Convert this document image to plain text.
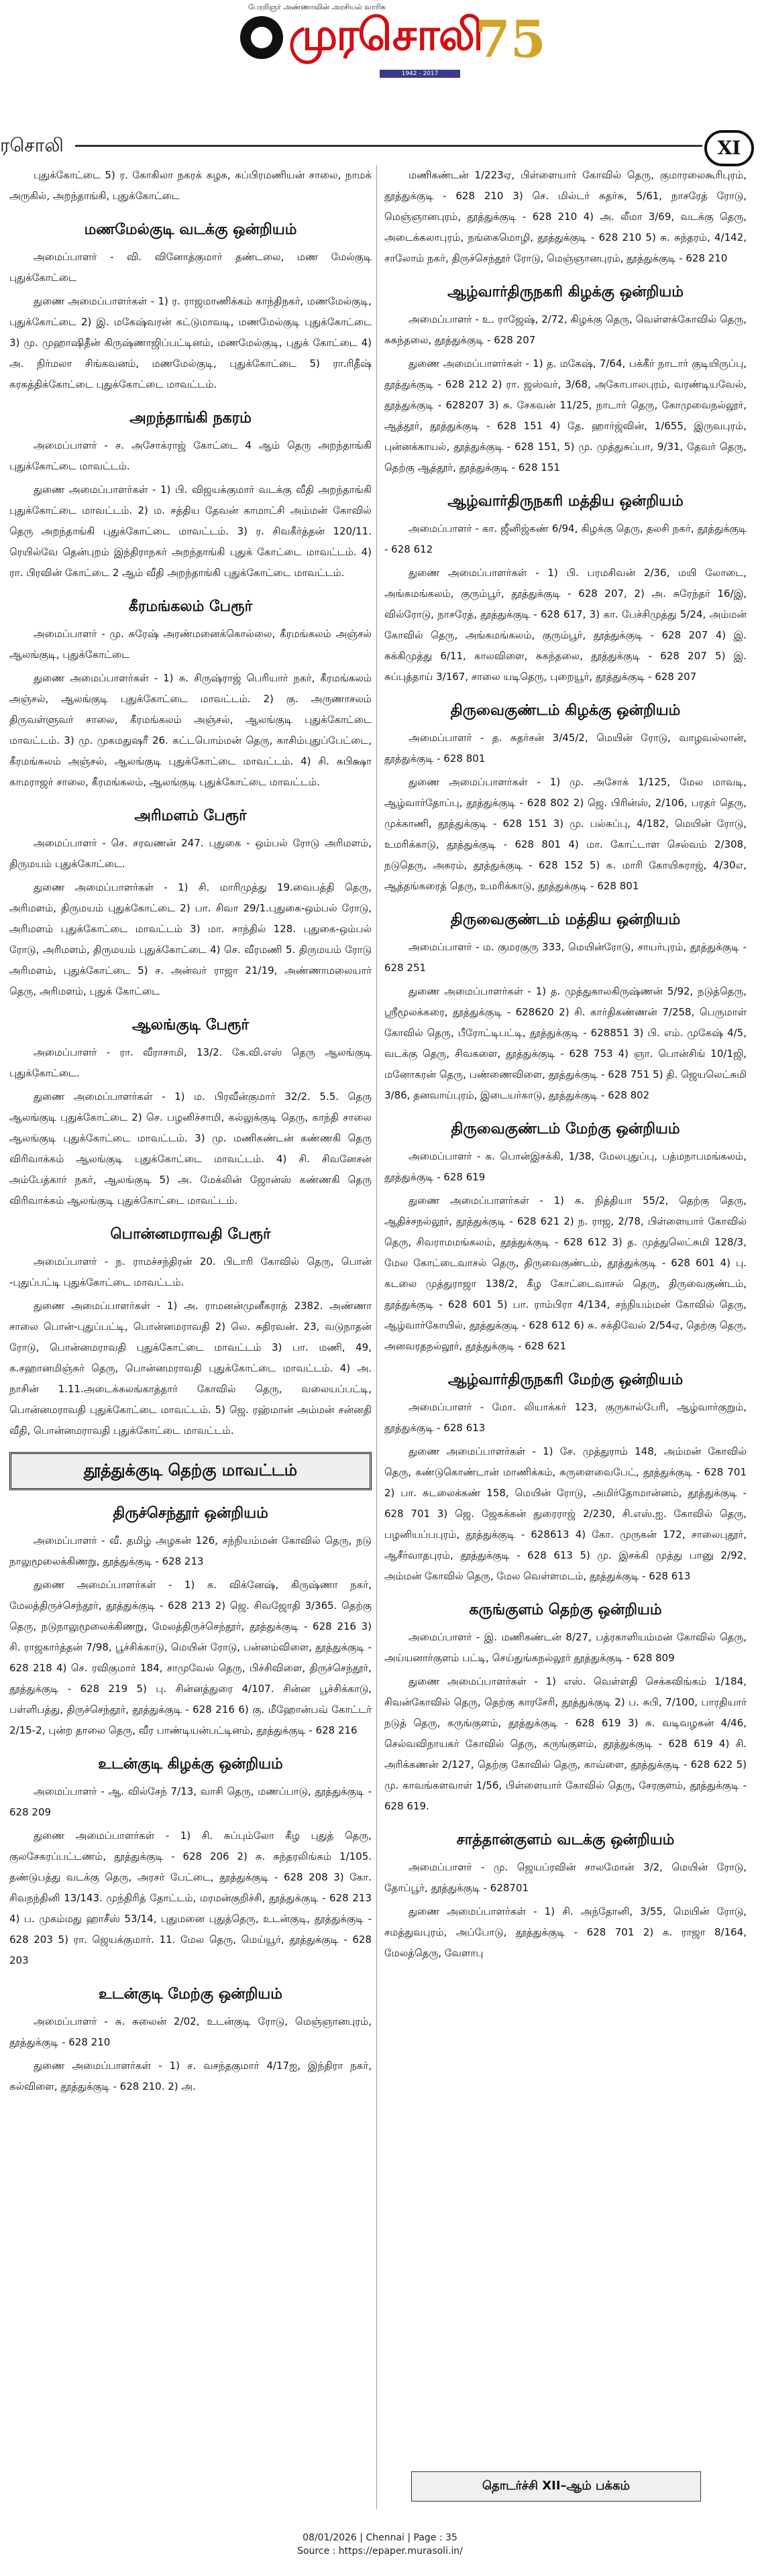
பேரறிஞர் அண்ணாவின் அரசியல் வாரிசு
முரசொலி
75
1942 - 2017
ரசொலி	XI
புதுக்கோட்டை 5) ர. கோகிலா நகரக் கழக, சுப்பிரமணியன் சாலை, நாமக் அருகில், அறந்தாங்கி, புதுக்கோட்டை
மணமேல்குடி வடக்கு ஒன்றியம்
அமைப்பாளர் - வி. வினோத்குமார் தண்டலை, மண மேல்குடி புதுக்கோட்டை
துணை அமைப்பாளர்கள் - 1) ர. ராஜமாணிக்கம் காந்திநகர், மணமேல்குடி, புதுக்கோட்டை 2) இ. மகேஷ்வரன் கட்டுமாவடி, மணமேல்குடி புதுக்கோட்டை 3) மு. முஹாஷிதீன் கிருஷ்ணாஜிப்பட்டினம், மணமேல்குடி, புதுக் கோட்டை 4) அ. நிர்மலா சிங்கவனம், மணமேல்குடி, புதுக்கோட்டை 5) ரா.ரிதீஷ் கரகத்திக்கோட்டை புதுக்கோட்டை மாவட்டம்.
அறந்தாங்கி நகரம்
அமைப்பாளர் - ச. அசோக்ராஜ் கோட்டை 4 ஆம் தெரு அறந்தாங்கி புதுக்கோட்டை மாவட்டம்.
துணை அமைப்பாளர்கள் - 1) பி. விஜயக்குமார் வடக்கு வீதி அறந்தாங்கி புதுக்கோட்டை மாவட்டம். 2) ம. சத்திய தேவன் காமாட்சி அம்மன் கோவில் தெரு அறந்தாங்கி புதுக்கோட்டை மாவட்டம். 3) ர. சிவகீர்த்தன் 120/11. ரெயில்வே தென்புறம் இந்திராநகர் அறந்தாங்கி புதுக் கோட்டை மாவட்டம். 4) ரா. பிரவின் கோட்டை 2 ஆம் வீதி அறந்தாங்கி புதுக்கோட்டை மாவட்டம்.
கீரமங்கலம் பேரூர்
அமைப்பாளர் - மு. சுரேஷ் அரண்மனைக்கொல்லை, கீரமங்கலம் அஞ்சல் ஆலங்குடி, புதுக்கோட்டை
துணை அமைப்பாளர்கள் - 1) சு. சிருஷ்ராஜ் பெரியார் நகர், கீரமங்கலம் அஞ்சல், ஆலங்குடி புதுக்கோட்டை மாவட்டம். 2) கு. அருணாசலம் திருவள்ளுவர் சாலை, கீரமங்கலம் அஞ்சல், ஆலங்குடி புதுக்கோட்டை மாவட்டம். 3) மு. முகமதுஷரீ 26. கட்டபொம்மன் தெரு, காசிம்புதுப்பேட்டை, கீரமங்கலம் அஞ்சல், ஆலங்குடி புதுக்கோட்டை மாவட்டம். 4) சி. சுபிக்ஷா காமராஜர் சாலை, கீரமங்கலம், ஆலங்குடி புதுக்கோட்டை மாவட்டம்.
அரிமளம் பேரூர்
அமைப்பாளர் - செ. சரவணன் 247. புதுகை - ஒம்பல் ரோடு அரிமளம், திருமயம் புதுக்கோட்டை.
துணை அமைப்பாளர்கள் - 1) சி. மாரிமுத்து 19.வைபத்தி தெரு, அரிமளம், திருமயம் புதுக்கோட்டை 2) பா. சிவா 29/1.புதுகை-ஒம்பல் ரோடு, அரிமளம் புதுக்கோட்டை மாவட்டம் 3) மா. சாந்தில் 128. புதுகை-ஒம்பல் ரோடு, அரிமளம், திருமயம் புதுக்கோட்டை 4) செ. வீரமணி 5. திருமயம் ரோடு அரிமளம், புதுக்கோட்டை 5) ச. அன்வர் ராஜா 21/19, அண்ணாமலையார் தெரு, அரிமளம், புதுக் கோட்டை
ஆலங்குடி பேரூர்
அமைப்பாளர் - ரா. வீராசாமி, 13/2. கே.வி.எஸ் தெரு ஆலங்குடி புதுக்கோட்டை.
துணை அமைப்பாளர்கள் - 1) ம. பிரவீன்குமார் 32/2. 5.5. தெரு ஆலங்குடி புதுக்கோட்டை 2) செ. பழனிச்சாமி, கல்லுக்குடி தெரு, காந்தி சாலை ஆலங்குடி புதுக்கோட்டை மாவட்டம். 3) மு. மணிகண்டன் கண்ணகி தெரு விரிவாக்கம் ஆலங்குடி புதுக்கோட்டை மாவட்டம். 4) சி. சிவனேசன் அம்பேத்கார் நகர், ஆலங்குடி 5) அ. மேக்லின் ஜோன்ஸ் கண்ணகி தெரு விரிவாக்கம் ஆலங்குடி புதுக்கோட்டை மாவட்டம்.
பொன்னமராவதி பேரூர்
அமைப்பாளர் - ந. ராமச்சந்திரன் 20. பிடாரி கோவில் தெரு, பொன் -புதுப்பட்டி புதுக்கோட்டை மாவட்டம்.
துணை அமைப்பாளர்கள் - 1) அ. ராமனன்முனீகராத் 2382. அண்ணா சாலை பொன்-புதுப்பட்டி, பொன்னமராவதி 2) லெ. சுதிரவன். 23, வடுநாதன் ரோடு, பொன்னமராவதி புதுக்கோட்டை மாவட்டம் 3) பா. மணி, 49, க.சஹானமிஞ்சுர் தெரு, பொன்னமராவதி புதுக்கோட்டை மாவட்டம். 4) அ. நாசின் 1.11.அடைக்கலங்காத்தார் கோவில் தெரு, வலையப்பட்டி, பொன்னமராவதி புதுக்கோட்டை மாவட்டம். 5) ஜெ. ரஹ்மான் அம்மன் சன்னதி வீதி, பொன்னமராவதி புதுக்கோட்டை மாவட்டம்.
தூத்துக்குடி தெற்கு மாவட்டம்
திருச்செந்தூர் ஒன்றியம்
அமைப்பாளர் - வீ. தமிழ் அழகன் 126, சந்நியம்மன் கோவில் தெரு, நடு நாலுமூலைக்கிணறு, தூத்துக்குடி - 628 213
துணை அமைப்பாளர்கள் - 1) க. விக்னேஷ், கிருஷ்ணா நகர், மேலத்திருச்செந்தூர், தூத்துக்குடி - 628 213 2) ஜெ. சிவஜோதி 3/365. தெற்கு தெரு, நடுநாலுமூலைக்கிணறு, மேலத்திருச்செந்தூர், தூத்துக்குடி - 628 216 3) சி. ராஜகார்த்தன் 7/98, பூச்சிக்காடு, மெயின் ரோடு, பன்னம்விளை, தூத்துக்குடி - 628 218 4) செ. ரவிகுமார் 184, சாமுவேல் தெரு, பிச்சிவிளை, திருச்செந்தூர், தூத்துக்குடி - 628 219 5) பு. சின்னத்துரை 4/107. சின்ன பூச்சிக்காடு, பள்ளிபத்து, திருச்செந்தூர், தூத்துக்குடி - 628 216 6) கு. மீஹோன்பவ் கோட்டர் 2/15-2, புன்ற தாலை தெரு, வீர பாண்டியன்பட்டினம், தூத்துக்குடி - 628 216
உடன்குடி கிழக்கு ஒன்றியம்
அமைப்பாளர் - ஆ. வில்சேந் 7/13, வாசி தெரு, மணப்பாடு, தூத்துக்குடி - 628 209
துணை அமைப்பாளர்கள் - 1) சி. சுப்பும்லோ கீழ புதுத் தெரு, குலசேகரப்பட்டணம், தூத்துக்குடி - 628 206 2) சு. சுந்தரலிங்கம் 1/105. தண்டுபத்து வடக்கு தெரு, அரசர் பேட்டை, தூத்துக்குடி - 628 208 3) கோ. சிவநந்தினி 13/143. முந்திரித் தோட்டம், மரமன்குறிச்சி, தூத்துக்குடி - 628 213 4) ப. முகம்மது ஹாசீஸ் 53/14, புதுமனை புதுத்தெரு, உடன்குடி, தூத்துக்குடி - 628 203 5) ரா. ஜெயக்குமார். 11. மேல தெரு, மெய்யூர், தூத்துக்குடி - 628 203
உடன்குடி மேற்கு ஒன்றியம்
அமைப்பாளர் - சு. சுலைன் 2/02, உடன்குடி ரோடு, மெஞ்ஞானபுரம், தூத்துக்குடி - 628 210
துணை அமைப்பாளர்கள் - 1) ச. வசந்தகுமார் 4/17ஐ, இந்திரா நகர், கல்விளை, தூத்துக்குடி - 628 210. 2) அ.
மணிகண்டன் 1/223ஏ, பிள்ளையார் கோவில் தெரு, குமாரலைகூரிபுரம், தூத்துக்குடி - 628 210 3) செ. மில்டர் சுதர்சு, 5/61, நாசரேத் ரோடு, மெஞ்ஞானபுரம், தூத்துக்குடி - 628 210 4) அ. லீமா 3/69, வடக்கு தெரு, அடைக்கலாபுரம், நங்கைமொழி, தூத்துக்குடி - 628 210 5) சு. சுந்தரம், 4/142, சாலோம் நகர், திருச்செந்தூர் ரோடு, மெஞ்ஞானபுரம், தூத்துக்குடி - 628 210
ஆழ்வார்திருநகரி கிழக்கு ஒன்றியம்
அமைப்பாளர் - உ. ராஜேஷ், 2/72, கிழக்கு தெரு, வெள்ளக்கோவில் தெரு, சுகந்தலை, தூத்துக்குடி - 628 207
துணை அமைப்பாளர்கள் - 1) த. மகேஷ், 7/64, பக்கீர் நாடார் குடியிருப்பு, தூத்துக்குடி - 628 212 2) ரா. ஜஸ்வர், 3/68, அகோபாலபுரம், வரண்டியவேல், தூத்துக்குடி - 628207 3) சு. சேகவன் 11/25, நாடார் தெரு, கோமுவைநல்லூர், ஆத்தூர், தூத்துக்குடி - 628 151 4) தே. ஹார்ஜ்வின், 1/655, இருவபுரம், புன்னக்காயல், தூத்துக்குடி - 628 151, 5) மு. முத்துசுப்பா, 9/31, தேவர் தெரு, தெற்கு ஆத்தூர், தூத்துக்குடி - 628 151
ஆழ்வார்திருநகரி மத்திய ஒன்றியம்
அமைப்பாளர் - கா. ஜீனிஜ்கண் 6/94, கிழக்கு தெரு, தலசி நகர், தூத்துக்குடி - 628 612
துணை அமைப்பாளர்கள் - 1) பி. பரமசிவன் 2/36, மயி லோடை, அங்கமங்கலம், குரும்பூர், தூத்துக்குடி - 628 207, 2) அ. சுரேந்தர் 16/இ, வில்ரோடு, நாசரேத், தூத்துக்குடி - 628 617, 3) கா. பேச்சிமுத்து 5/24, அம்மன் கோவில் தெரு, அங்கமங்கலம், குரும்பூர், தூத்துக்குடி - 628 207 4) இ. சுக்கிமுத்து 6/11, காலவிளை, சுகந்தலை, தூத்துக்குடி - 628 207 5) இ. சுப்புத்தாய் 3/167, சாலை யடிதெரு, புறையூர், தூத்துக்குடி - 628 207
திருவைகுண்டம் கிழக்கு ஒன்றியம்
அமைப்பாளர் - த. சுதர்சன் 3/45/2, மெயின் ரோடு, வாழவல்லான், தூத்துக்குடி - 628 801
துணை அமைப்பாளர்கள் - 1) மு. அசோக் 1/125, மேல மாவடி, ஆழ்வார்தோப்பு, தூத்துக்குடி - 628 802 2) ஜெ. பிரின்ஸ், 2/106, பரதர் தெரு, முக்காணி, தூத்துக்குடி - 628 151 3) மு. பல்சுப்பு, 4/182, மெயின் ரோடு, உமரிக்காடு, தூத்துக்குடி - 628 801 4) மா. கோட்டாள செல்வம் 2/308, நடுதெரு, அகரம், தூத்துக்குடி - 628 152 5) க. மாரி கோயிசுராஜ், 4/30எ, ஆத்தங்கரைத் தெரு, உமரிக்காடு, தூத்துக்குடி - 628 801
திருவைகுண்டம் மத்திய ஒன்றியம்
அமைப்பாளர் - ம. குமரகுரு 333, மெயின்ரோடு, சாயர்புரம், தூத்துக்குடி - 628 251
துணை அமைப்பாளர்கள் - 1) த. முத்துகாலகிருஷ்ணன் 5/92, நடுத்தெரு, ஸ்ரீமூலக்கரை, தூத்துக்குடி - 628620 2) சி. கார்திகண்ணன் 7/258, பெருமாள் கோவில் தெரு, பீரோட்டிபட்டி, தூத்துக்குடி - 628851 3) பி. எம். முகேஷ் 4/5, வடக்கு தெரு, சிவகளை, தூத்துக்குடி - 628 753 4) ஞா. பொன்சிங் 10/1ஜி, மனோகரன் தெரு, பண்ணைவிளை, தூத்துக்குடி - 628 751 5) தி. ஜெயலெட்சுமி 3/86, தனவாய்புரம், இடையர்காடு, தூத்துக்குடி - 628 802
திருவைகுண்டம் மேற்கு ஒன்றியம்
அமைப்பாளர் - க. பொன்இசக்கி, 1/38, மேலபுதுப்பு, பத்மநாபமங்கலம், தூத்துக்குடி - 628 619
துணை அமைப்பாளர்கள் - 1) சு. நித்தியா 55/2, தெற்கு தெரு, ஆதிச்சநல்லூர், தூத்துக்குடி - 628 621 2) ந. ராஜ, 2/78, பிள்ளையார் கோவில் தெரு, சிவராமமங்கலம், தூத்துக்குடி - 628 612 3) த. முத்துலெட்சுமி 128/3, மேல கோட்டைவாசல் தெரு, திருவைகுண்டம், தூத்துக்குடி - 628 601 4) பு. கடலை முத்துராஜா 138/2, கீழ கோட்டைவாசல் தெரு, திருவைகுண்டம், தூத்துக்குடி - 628 601 5) பா. ராம்பிரா 4/134, சந்நியம்மன் கோவில் தெரு, ஆழ்வார்கோயில், தூத்துக்குடி - 628 612 6) சு. சக்திவேல் 2/54ஏ, தெற்கு தெரு, அனவரதநல்லூர், தூத்துக்குடி - 628 621
ஆழ்வார்திருநகரி மேற்கு ஒன்றியம்
அமைப்பாளர் - மோ. லியாக்கர் 123, குருகால்பேரி, ஆழ்வார்குறும், தூத்துக்குடி - 628 613
துணை அமைப்பாளர்கள் - 1) சே. முத்துராம் 148, அம்மன் கோவில் தெரு, கண்டுகொண்டான் மாணிக்கம், சுருளைவைபேட், தூத்துக்குடி - 628 701 2) பா. சுடலைக்கண் 158, மெயின் ரோடு, அமிர்தோமான்னம், தூத்துக்குடி - 628 701 3) ஜெ. ஜேகக்கன் துரைராஜ் 2/230, சி.எஸ்.ஐ. கோவில் தெரு, பழனியப்பபுரம், தூத்துக்குடி - 628613 4) கோ. முருகன் 172, சாலைபுதூர், ஆசீர்வாதபுரம், தூத்துக்குடி - 628 613 5) மு. இசக்கி முத்து பானு 2/92, அம்மன் கோவில் தெரு, மேல வெள்ளமடம், தூத்துக்குடி - 628 613
கருங்குளம் தெற்கு ஒன்றியம்
அமைப்பாளர் - இ. மணிகண்டன் 8/27, பத்ரகாளியம்மன் கோவில் தெரு, அய்யனார்குளம் பட்டி, செய்துங்கநல்லூர் தூத்துக்குடி - 628 809
துணை அமைப்பாளர்கள் - 1) எஸ். வெள்ளதி செக்கவிங்கம் 1/184, சிவன்கோவில் தெரு, தெற்கு காரசேரி, தூத்துக்குடி 2) ப. சுபி, 7/100, பாரதியார் நடுத் தெரு, கருங்குளம், தூத்துக்குடி - 628 619 3) சு. வடிவழகன் 4/46, செல்வவிநாயகர் கோவில் தெரு, கருங்குளம், தூத்துக்குடி - 628 619 4) சி. அரிக்கணன் 2/127, தெற்கு கோவில் தெரு, காவ்ளை, தூத்துக்குடி - 628 622 5) மு. காவங்களவாள் 1/56, பிள்ளையார் கோவில் தெரு, சேரகுளம், தூத்துக்குடி - 628 619.
சாத்தான்குளம் வடக்கு ஒன்றியம்
அமைப்பாளர் - மு. ஜெயப்ரவின் சாலமோன் 3/2, மெயின் ரோடு, தோப்பூர், தூத்துக்குடி - 628701
துணை அமைப்பாளர்கள் - 1) சி. அந்தோனி, 3/55, மெயின் ரோடு, சமத்துவபுரம், அப்போடு, தூத்துக்குடி - 628 701 2) க. ராஜா 8/164, மேலத்தெரு, வேளாபு
தொடர்ச்சி XII–ஆம் பக்கம்
08/01/2026 | Chennai | Page : 35
Source : https://epaper.murasoli.in/
